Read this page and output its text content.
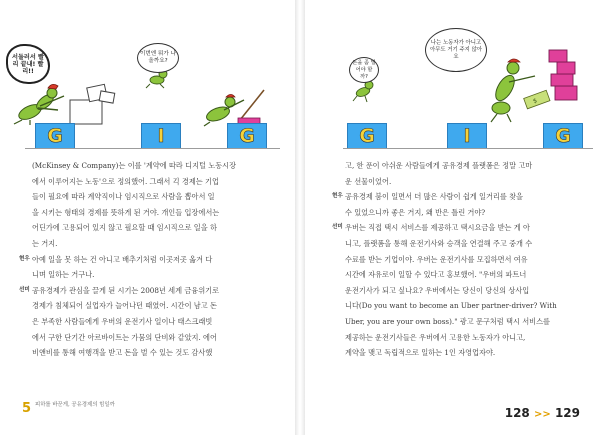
서둘러서 빨리 끝내! 빨리!!
이번엔 뭐가 나올까요?
G	I	G
(McKinsey & Company)는 이를 '계약에 따라 디지털 노동시장
에서 이루어지는 노동'으로 정의했어. 그래서 긱 경제는 기업
들이 필요에 따라 계약직이나 임시직으로 사람을 뽑아서 일
을 시키는 형태의 경제를 뜻하게 된 거야. 개인들 입장에서는
어딘가에 고용되어 있지 않고 필요할 때 임시직으로 일을 하
는 거지.
현우 아예 일을 못 하는 건 아니고 배추기처럼 이곳저곳 옮겨 다
니며 일하는 거구나.
선미 공유경제가 관심을 끌게 된 시기는 2008년 세계 금융위기로
경제가 침체되어 실업자가 늘어나던 때였어. 시간이 남고 돈
은 부족한 사람들에게 우버의 운전기사 일이나 태스크래빗
에서 구한 단기간 아르바이트는 가뭄의 단비와 같았지. 에어
비앤비를 통해 여행객을 받고 돈을 벌 수 있는 것도 감사했
5 피하를 바꾼게, 공유경제의 힘일까
$
돈을 좀 벌어야 할까?
나는 노동자가 아니고 아무도 거기 주지 않아요
G	I	G
고, 한 푼이 아쉬운 사람들에게 공유경제 플랫폼은 정말 고마
운 선물이었어.
현우 공유경제 붐이 일면서 더 많은 사람이 쉽게 일거리를 찾을
수 있었으니까 좋은 거지, 왜 반은 틀린 거야?
선미 우버는 직접 택시 서비스를 제공하고 택시요금을 받는 게 아
니고, 플랫폼을 통해 운전기사와 승객을 연결해 주고 중개 수
수료를 받는 기업이야. 우버는 운전기사를 모집하면서 여유
시간에 자유로이 일할 수 있다고 홍보했어. "우버의 파트너
운전기사가 되고 싶나요? 우버에서는 당신이 당신의 상사입
니다(Do you want to become an Uber partner-driver? With
Uber, you are your own boss)." 광고 문구처럼 택시 서비스를
제공하는 운전기사들은 우버에서 고용한 노동자가 아니고,
계약을 맺고 독립적으로 일하는 1인 자영업자야.
128 >> 129
